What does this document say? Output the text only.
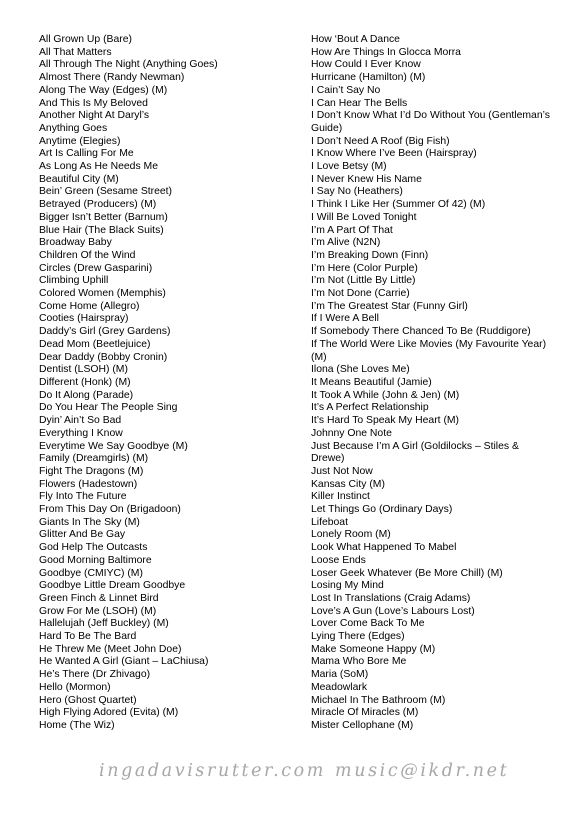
All Grown Up (Bare)
All That Matters
All Through The Night (Anything Goes)
Almost There (Randy Newman)
Along The Way (Edges) (M)
And This Is My Beloved
Another Night At Daryl’s
Anything Goes
Anytime (Elegies)
Art Is Calling For Me
As Long As He Needs Me
Beautiful City (M)
Bein’ Green (Sesame Street)
Betrayed (Producers) (M)
Bigger Isn’t Better (Barnum)
Blue Hair (The Black Suits)
Broadway Baby
Children Of the Wind
Circles (Drew Gasparini)
Climbing Uphill
Colored Women (Memphis)
Come Home (Allegro)
Cooties (Hairspray)
Daddy’s Girl (Grey Gardens)
Dead Mom (Beetlejuice)
Dear Daddy (Bobby Cronin)
Dentist (LSOH) (M)
Different (Honk) (M)
Do It Along (Parade)
Do You Hear The People Sing
Dyin’ Ain’t So Bad
Everything I Know
Everytime We Say Goodbye (M)
Family (Dreamgirls) (M)
Fight The Dragons (M)
Flowers (Hadestown)
Fly Into The Future
From This Day On (Brigadoon)
Giants In The Sky (M)
Glitter And Be Gay
God Help The Outcasts
Good Morning Baltimore
Goodbye (CMIYC) (M)
Goodbye Little Dream Goodbye
Green Finch & Linnet Bird
Grow For Me (LSOH) (M)
Hallelujah (Jeff Buckley) (M)
Hard To Be The Bard
He Threw Me (Meet John Doe)
He Wanted A Girl (Giant – LaChiusa)
He’s There (Dr Zhivago)
Hello (Mormon)
Hero (Ghost Quartet)
High Flying Adored (Evita) (M)
Home (The Wiz)
How ‘Bout A Dance
How Are Things In Glocca Morra
How Could I Ever Know
Hurricane (Hamilton) (M)
I Cain’t Say No
I Can Hear The Bells
I Don’t Know What I’d Do Without You (Gentleman’s Guide)
I Don’t Need A Roof (Big Fish)
I Know Where I’ve Been (Hairspray)
I Love Betsy (M)
I Never Knew His Name
I Say No (Heathers)
I Think I Like Her (Summer Of 42) (M)
I Will Be Loved Tonight
I’m A Part Of That
I’m Alive (N2N)
I’m Breaking Down (Finn)
I’m Here (Color Purple)
I’m Not (Little By Little)
I’m Not Done (Carrie)
I’m The Greatest Star (Funny Girl)
If I Were A Bell
If Somebody There Chanced To Be (Ruddigore)
If The World Were Like Movies (My Favourite Year) (M)
Ilona (She Loves Me)
It Means Beautiful (Jamie)
It Took A While (John & Jen) (M)
It’s A Perfect Relationship
It’s Hard To Speak My Heart (M)
Johnny One Note
Just Because I’m A Girl (Goldilocks – Stiles & Drewe)
Just Not Now
Kansas City (M)
Killer Instinct
Let Things Go (Ordinary Days)
Lifeboat
Lonely Room (M)
Look What Happened To Mabel
Loose Ends
Loser Geek Whatever (Be More Chill) (M)
Losing My Mind
Lost In Translations (Craig Adams)
Love’s A Gun (Love’s Labours Lost)
Lover Come Back To Me
Lying There (Edges)
Make Someone Happy (M)
Mama Who Bore Me
Maria (SoM)
Meadowlark
Michael In The Bathroom (M)
Miracle Of Miracles (M)
Mister Cellophane (M)
ingadavisrutter.com music@ikdr.net
